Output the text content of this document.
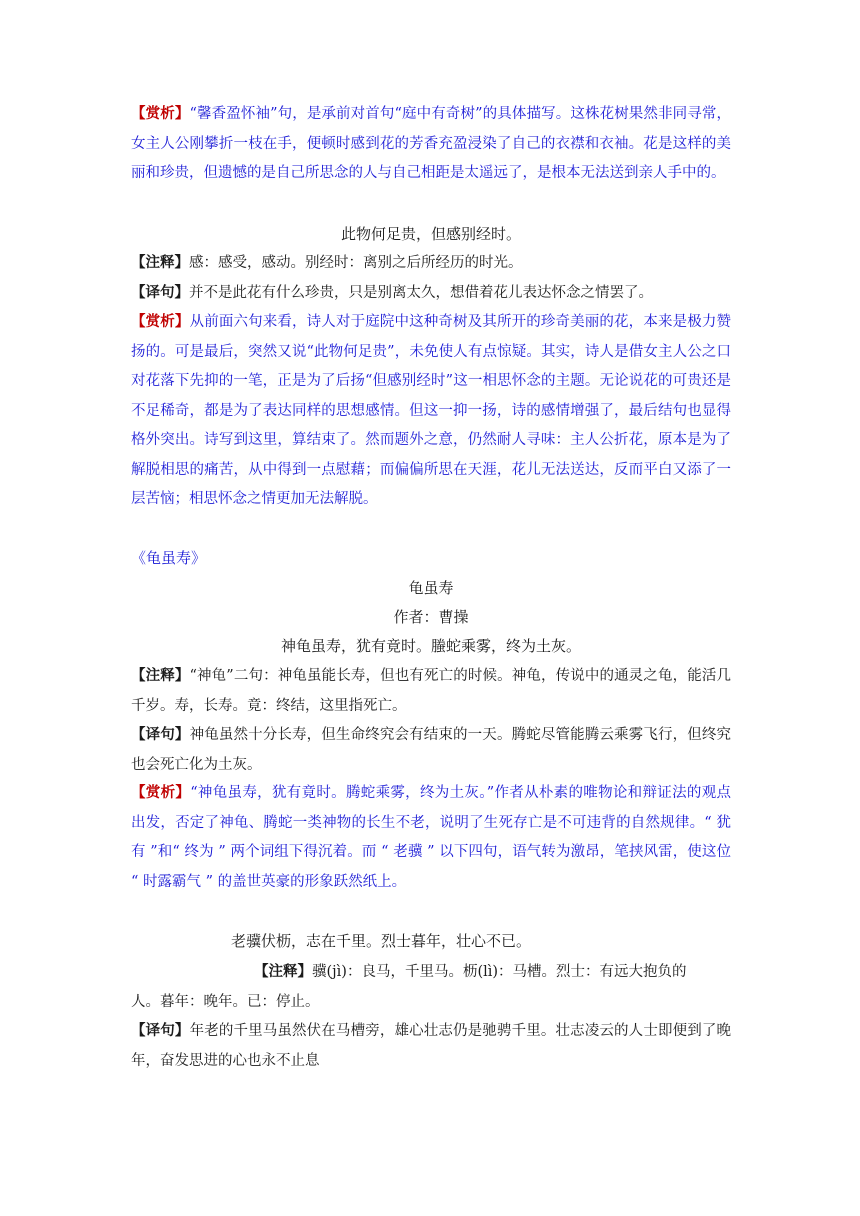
【赏析】“馨香盈怀袖”句，是承前对首句“庭中有奇树”的具体描写。这株花树果然非同寻常，女主人公刚攀折一枝在手，便顿时感到花的芳香充盈浸染了自己的衣襟和衣袖。花是这样的美丽和珍贵，但遗憾的是自己所思念的人与自己相距是太遥远了，是根本无法送到亲人手中的。

此物何足贵，但感别经时。

【注释】感：感受，感动。别经时：离别之后所经历的时光。

【译句】并不是此花有什么珍贵，只是别离太久，想借着花儿表达怀念之情罢了。

【赏析】从前面六句来看，诗人对于庭院中这种奇树及其所开的珍奇美丽的花，本来是极力赞扬的。可是最后，突然又说“此物何足贵”，未免使人有点惊疑。其实，诗人是借女主人公之口对花落下先抑的一笔，正是为了后扬“但感别经时”这一相思怀念的主题。无论说花的可贵还是不足稀奇，都是为了表达同样的思想感情。但这一抑一扬，诗的感情增强了，最后结句也显得格外突出。诗写到这里，算结束了。然而题外之意，仍然耐人寻味：主人公折花，原本是为了解脱相思的痛苦，从中得到一点慰藉；而偏偏所思在天涯，花儿无法送达，反而平白又添了一层苦恼；相思怀念之情更加无法解脱。

《龟虽寿》

龟虽寿

作者：曹操

神龟虽寿，犹有竟时。螣蛇乘雾，终为土灰。

【注释】“神龟”二句：神龟虽能长寿，但也有死亡的时候。神龟，传说中的通灵之龟，能活几千岁。寿，长寿。竟：终结，这里指死亡。

【译句】神龟虽然十分长寿，但生命终究会有结束的一天。腾蛇尽管能腾云乘雾飞行，但终究也会死亡化为土灰。

【赏析】“神龟虽寿，犹有竟时。腾蛇乘雾，终为土灰。”作者从朴素的唯物论和辩证法的观点出发，否定了神龟、腾蛇一类神物的长生不老，说明了生死存亡是不可违背的自然规律。“ 犹有 ”和“ 终为 ” 两个词组下得沉着。而 “ 老骥 ” 以下四句，语气转为激昂，笔挟风雷，使这位 “ 时露霸气 ” 的盖世英豪的形象跃然纸上。

老骥伏枥，志在千里。烈士暮年，壮心不已。

【注释】骥(jì)：良马，千里马。枥(lì)：马槽。烈士：有远大抱负的
人。暮年：晚年。已：停止。

【译句】年老的千里马虽然伏在马槽旁，雄心壮志仍是驰骋千里。壮志凌云的人士即便到了晚年，奋发思进的心也永不止息
